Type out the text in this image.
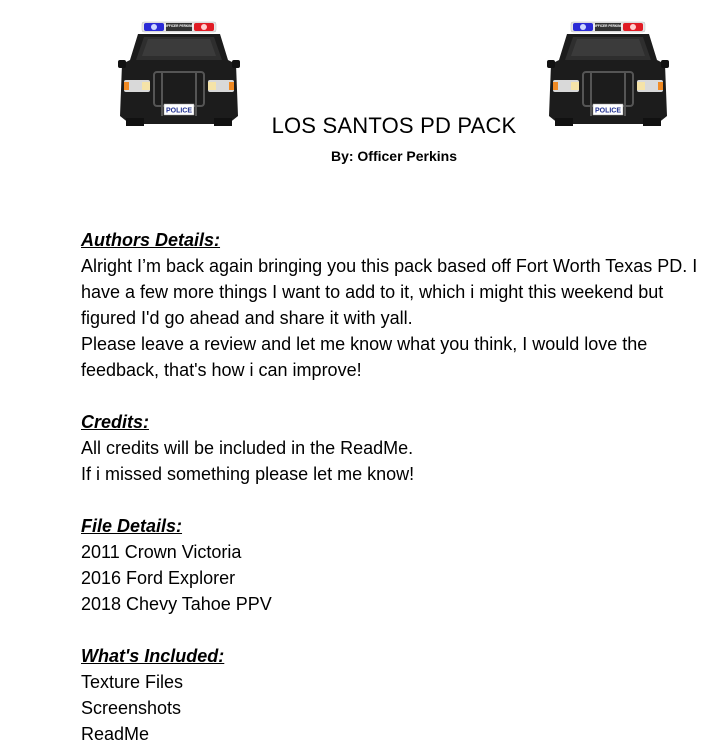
OFFICER PERKINS
POLICE
OFFICER PERKINS
POLICE
LOS SANTOS PD PACK
By: Officer Perkins
Authors Details:

Alright I’m back again bringing you this pack based off Fort Worth Texas PD. I have a few more things I want to add to it, which i might this weekend but figured I'd go ahead and share it with yall.

Please leave a review and let me know what you think, I would love the feedback, that's how i can improve!

Credits:
All credits will be included in the ReadMe.
If i missed something please let me know!
File Details:
2011 Crown Victoria
2016 Ford Explorer
2018 Chevy Tahoe PPV
What's Included:
Texture Files
Screenshots
ReadMe
